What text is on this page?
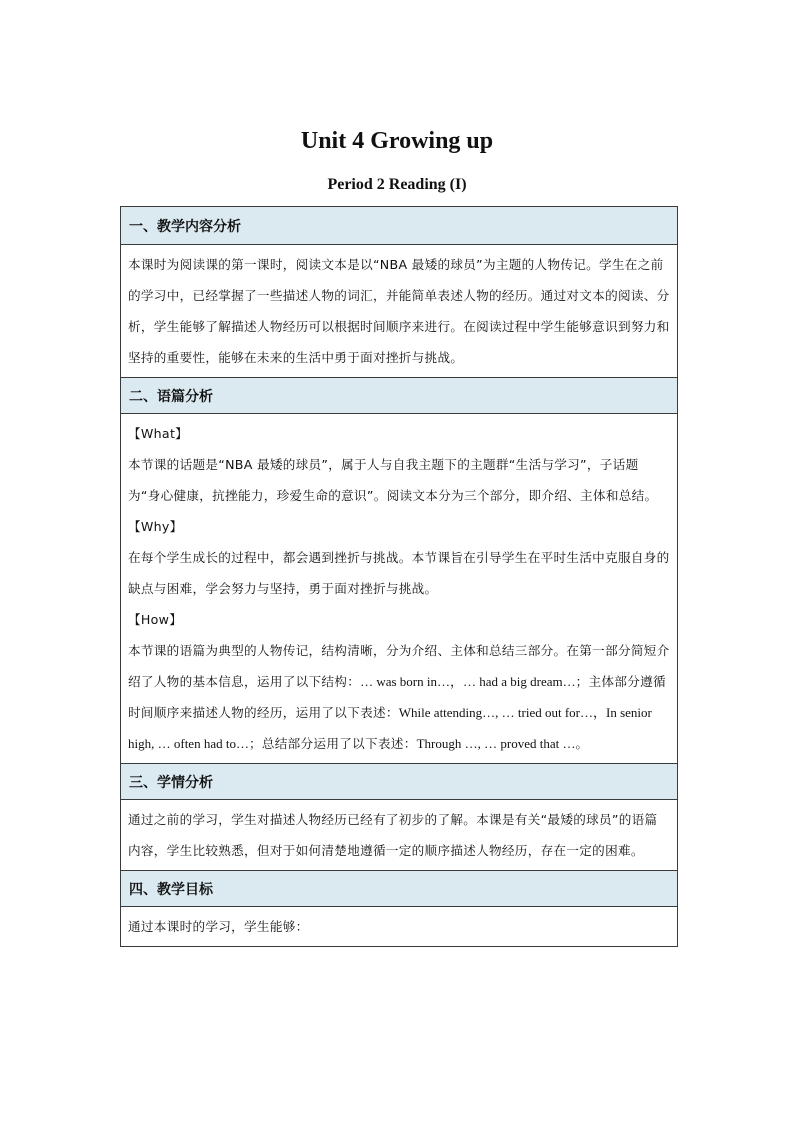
Unit 4 Growing up
Period 2 Reading (I)
一、教学内容分析

本课时为阅读课的第一课时，阅读文本是以“NBA 最矮的球员”为主题的人物传记。学生在之前的学习中，已经掌握了一些描述人物的词汇，并能简单表述人物的经历。通过对文本的阅读、分析，学生能够了解描述人物经历可以根据时间顺序来进行。在阅读过程中学生能够意识到努力和坚持的重要性，能够在未来的生活中勇于面对挫折与挑战。

二、语篇分析

【What】

本节课的话题是“NBA 最矮的球员”，属于人与自我主题下的主题群“生活与学习”，子话题为“身心健康，抗挫能力，珍爱生命的意识”。阅读文本分为三个部分，即介绍、主体和总结。

【Why】

在每个学生成长的过程中，都会遇到挫折与挑战。本节课旨在引导学生在平时生活中克服自身的缺点与困难，学会努力与坚持，勇于面对挫折与挑战。

【How】

本节课的语篇为典型的人物传记，结构清晰，分为介绍、主体和总结三部分。在第一部分简短介绍了人物的基本信息，运用了以下结构：… was born in…，… had a big dream…；主体部分遵循时间顺序来描述人物的经历，运用了以下表述：While attending…, … tried out for…，In senior high, … often had to…；总结部分运用了以下表述：Through …, … proved that …。

三、学情分析

通过之前的学习，学生对描述人物经历已经有了初步的了解。本课是有关“最矮的球员”的语篇内容，学生比较熟悉，但对于如何清楚地遵循一定的顺序描述人物经历，存在一定的困难。

四、教学目标

通过本课时的学习，学生能够：
